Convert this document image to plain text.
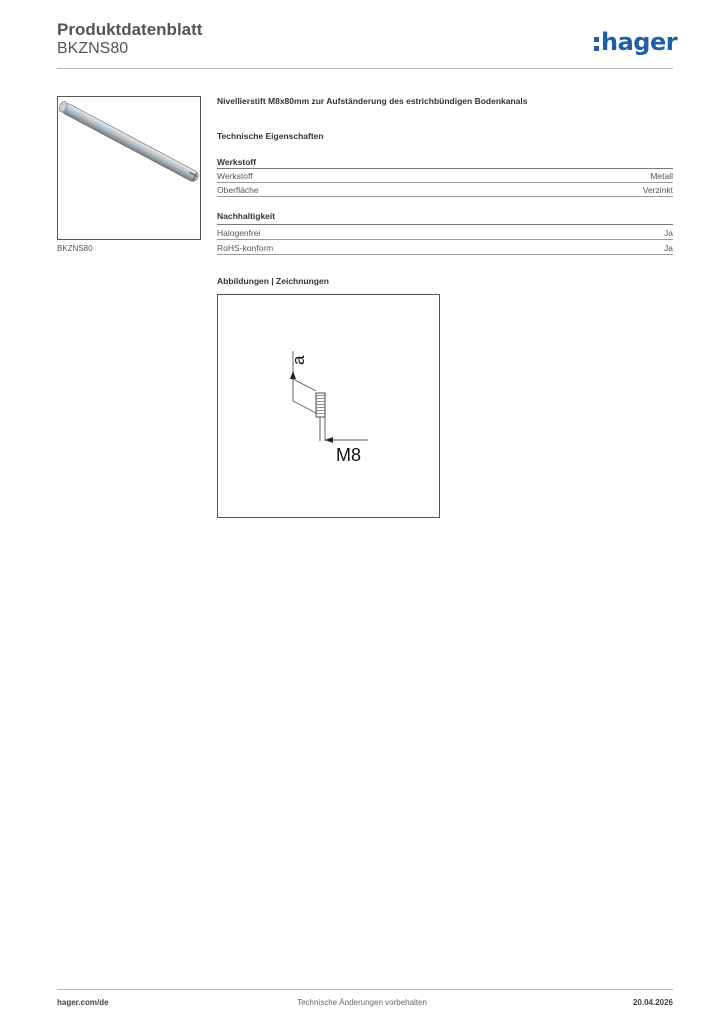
Produktdatenblatt
BKZNS80	hager
BKZNS80
Nivellierstift M8x80mm zur Aufständerung des estrichbündigen Bodenkanals
Technische Eigenschaften
Werkstoff
Werkstoff	Metall
Oberfläche	Verzinkt
Nachhaltigkeit
Halogenfrei	Ja
RoHS-konform	Ja
Abbildungen | Zeichnungen
a
M8
hager.com/de	Technische Änderungen vorbehalten	20.04.2026
